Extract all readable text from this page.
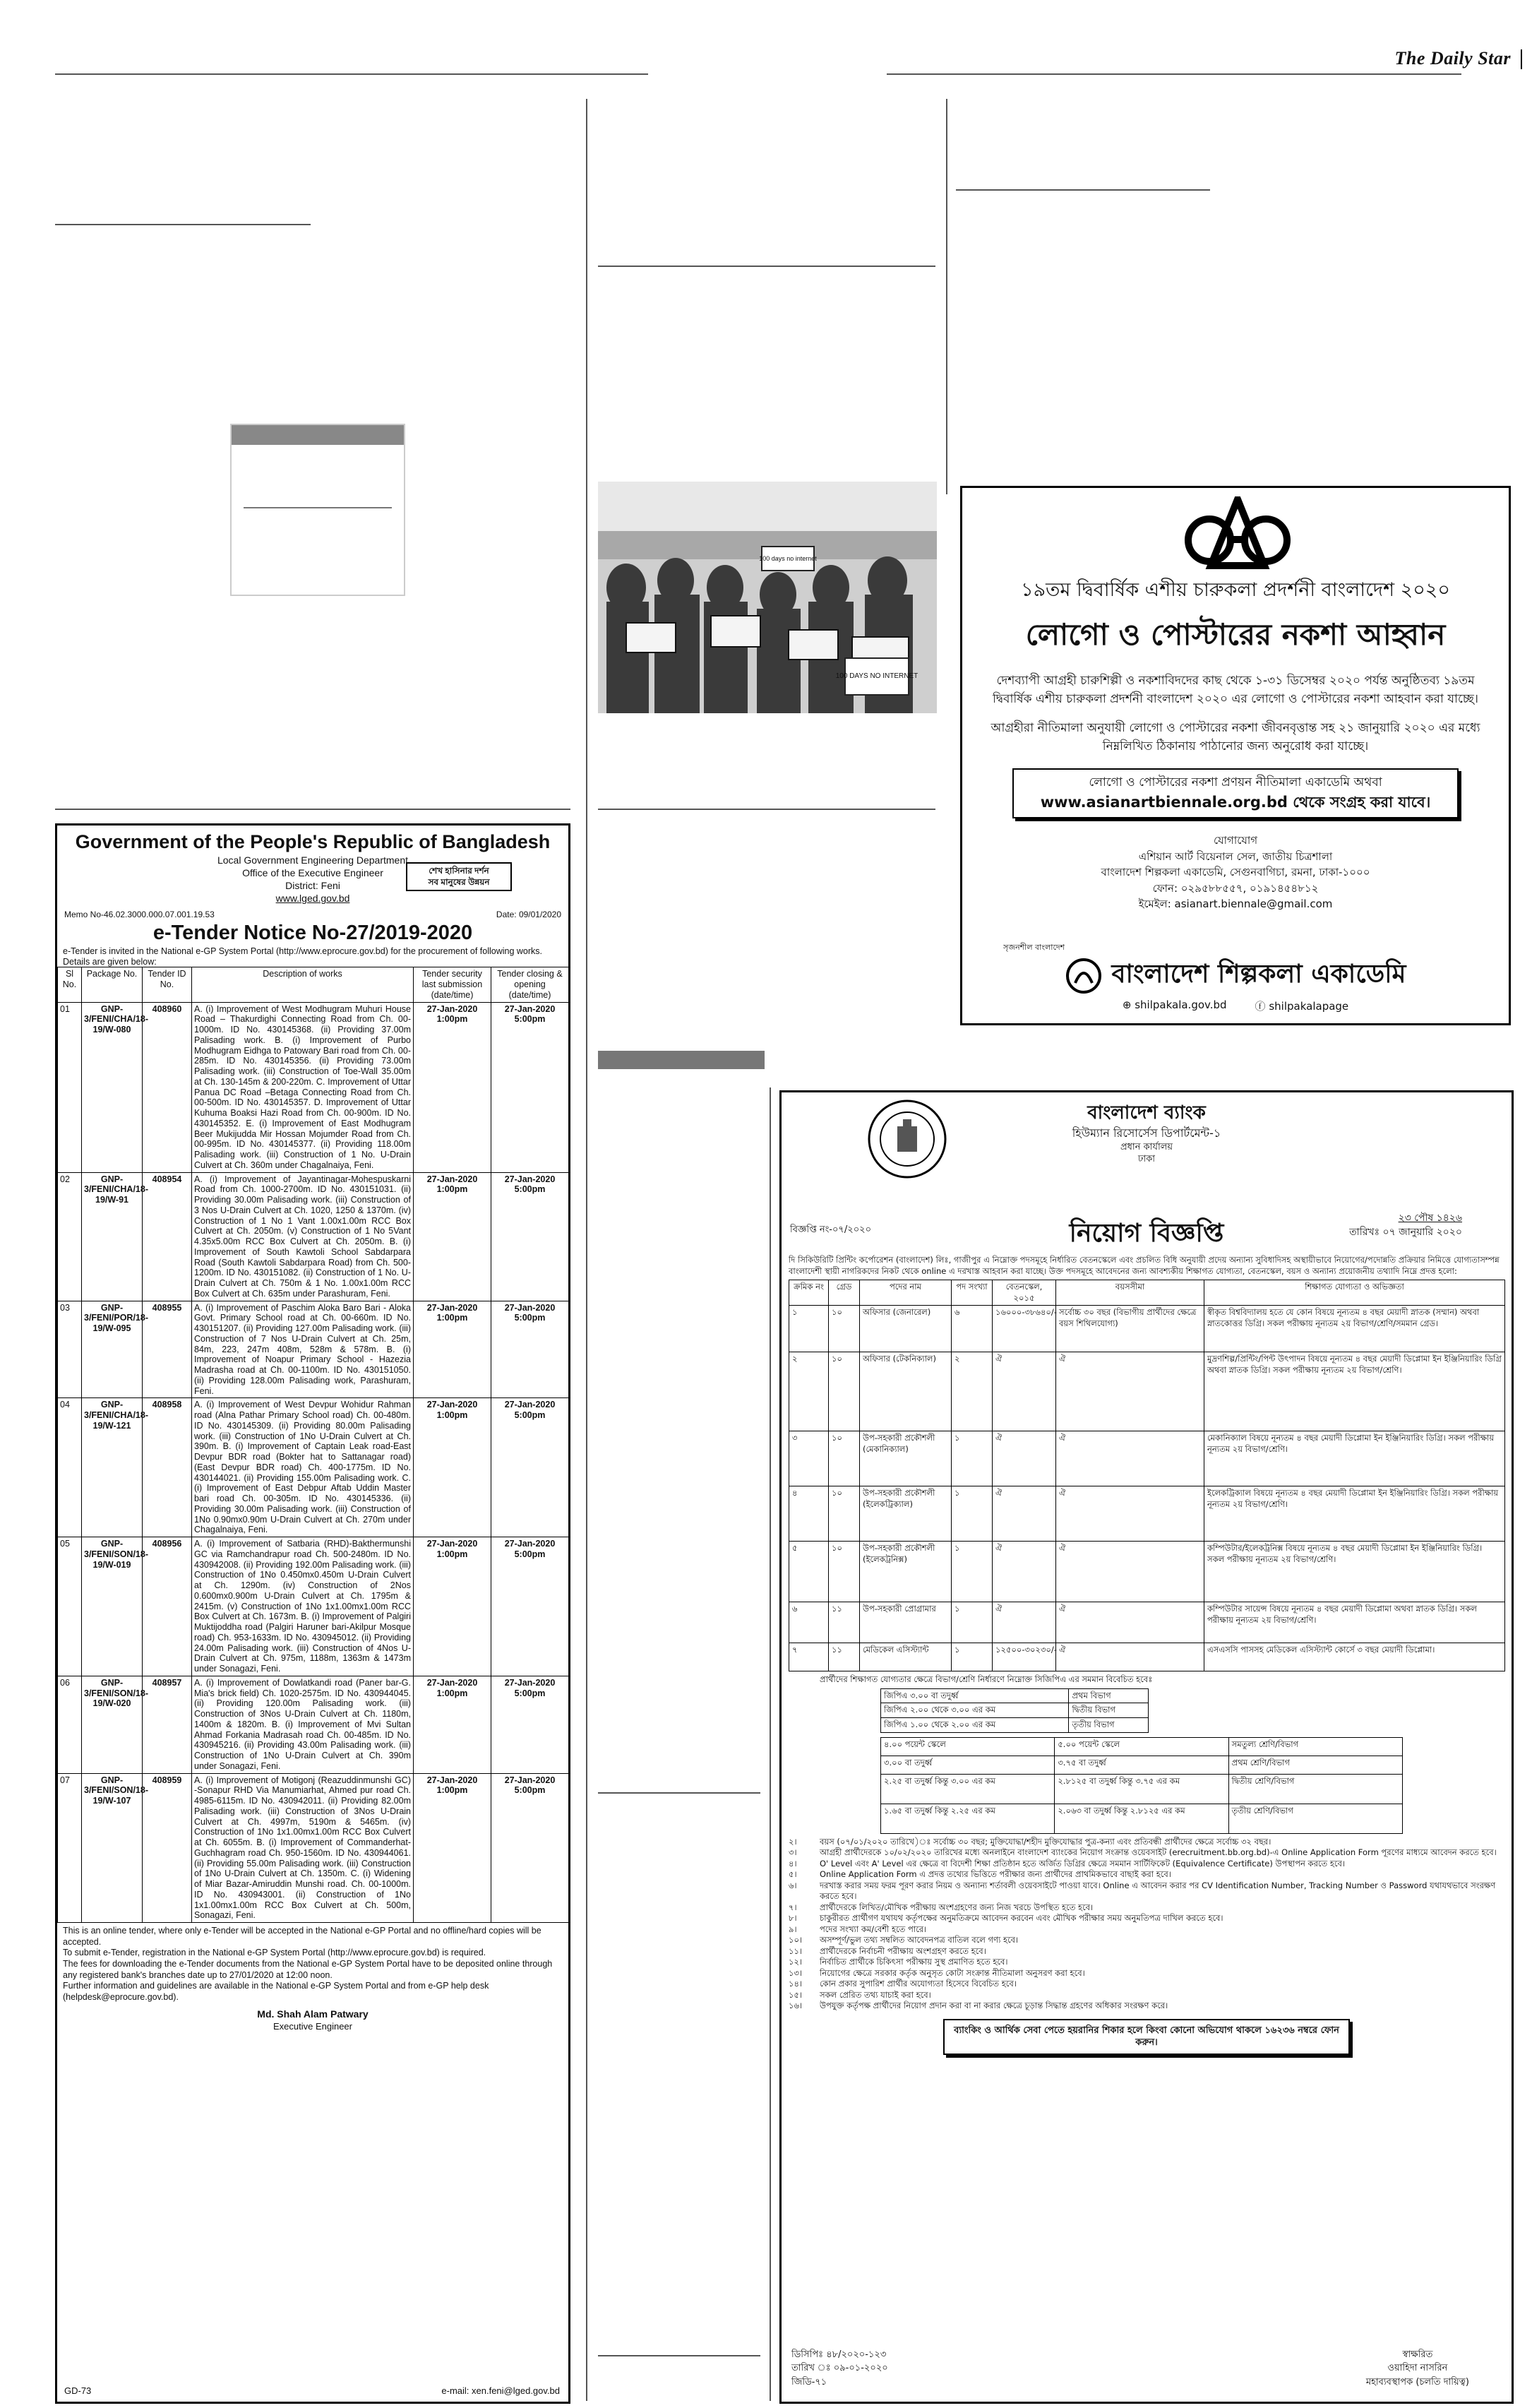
The Daily Star
100 days no internet
100 DAYS NO INTERNET
১৯তম দ্বিবার্ষিক এশীয় চারুকলা প্রদর্শনী বাংলাদেশ ২০২০
লোগো ও পোস্টারের নকশা আহ্বান
দেশব্যাপী আগ্রহী চারুশিল্পী ও নকশাবিদদের কাছ থেকে ১-৩১ ডিসেম্বর ২০২০ পর্যন্ত অনুষ্ঠিতব্য ১৯তম দ্বিবার্ষিক এশীয় চারুকলা প্রদর্শনী বাংলাদেশ ২০২০ এর লোগো ও পোস্টারের নকশা আহবান করা যাচ্ছে।
আগ্রহীরা নীতিমালা অনুযায়ী লোগো ও পোস্টারের নকশা জীবনবৃত্তান্ত সহ ২১ জানুয়ারি ২০২০ এর মধ্যে নিম্নলিখিত ঠিকানায় পাঠানোর জন্য অনুরোধ করা যাচ্ছে।
লোগো ও পোস্টারের নকশা প্রণয়ন নীতিমালা একাডেমি অথবা
www.asianartbiennale.org.bd থেকে সংগ্রহ করা যাবে।
যোগাযোগ
এশিয়ান আর্ট বিয়েনাল সেল, জাতীয় চিত্রশালা
বাংলাদেশ শিল্পকলা একাডেমি, সেগুনবাগিচা, রমনা, ঢাকা-১০০০
ফোন: ০২৯৫৮৮৫৫৭, ০১৯১৪৫৪৮১২
ইমেইল: asianart.biennale@gmail.com
সৃজনশীল বাংলাদেশ
বাংলাদেশ শিল্পকলা একাডেমি
⊕ shilpakala.gov.bd	ⓕ shilpakalapage
Government of the People's Republic of Bangladesh
Local Government Engineering Department
Office of the Executive Engineer
District: Feni
www.lged.gov.bd
শেখ হাসিনার দর্শন
সব মানুষের উন্নয়ন
Memo No-46.02.3000.000.07.001.19.53	Date: 09/01/2020
e-Tender Notice No-27/2019-2020
e-Tender is invited in the National e-GP System Portal (http://www.eprocure.gov.bd) for the procurement of following works. Details are given below:
Sl No.	Package No.	Tender ID No.	Description of works	Tender security last submission (date/time)	Tender closing & opening (date/time)
01	GNP-3/FENI/CHA/18-19/W-080	408960	A. (i) Improvement of West Modhugram Muhuri House Road – Thakurdighi Connecting Road from Ch. 00-1000m. ID No. 430145368. (ii) Providing 37.00m Palisading work. B. (i) Improvement of Purbo Modhugram Eidhga to Patowary Bari road from Ch. 00-285m. ID No. 430145356. (ii) Providing 73.00m Palisading work. (iii) Construction of Toe-Wall 35.00m at Ch. 130-145m & 200-220m. C. Improvement of Uttar Panua DC Road –Betaga Connecting Road from Ch. 00-500m. ID No. 430145357. D. Improvement of Uttar Kuhuma Boaksi Hazi Road from Ch. 00-900m. ID No. 430145352. E. (i) Improvement of East Modhugram Beer Mukijudda Mir Hossan Mojumder Road from Ch. 00-995m. ID No. 430145377. (ii) Providing 118.00m Palisading work. (iii) Construction of 1 No. U-Drain Culvert at Ch. 360m under Chagalnaiya, Feni.	27-Jan-2020 1:00pm	27-Jan-2020 5:00pm
02	GNP-3/FENI/CHA/18-19/W-91	408954	A. (i) Improvement of Jayantinagar-Mohespuskarni Road from Ch. 1000-2700m. ID No. 430151031. (ii) Providing 30.00m Palisading work. (iii) Construction of 3 Nos U-Drain Culvert at Ch. 1020, 1250 & 1370m. (iv) Construction of 1 No 1 Vant 1.00x1.00m RCC Box Culvert at Ch. 2050m. (v) Construction of 1 No 5Vant 4.35x5.00m RCC Box Culvert at Ch. 2050m. B. (i) Improvement of South Kawtoli School Sabdarpara Road (South Kawtoli Sabdarpara Road) from Ch. 500-1200m. ID No. 430151082. (ii) Construction of 1 No. U-Drain Culvert at Ch. 750m & 1 No. 1.00x1.00m RCC Box Culvert at Ch. 635m under Parashuram, Feni.	27-Jan-2020 1:00pm	27-Jan-2020 5:00pm
03	GNP-3/FENI/POR/18-19/W-095	408955	A. (i) Improvement of Paschim Aloka Baro Bari - Aloka Govt. Primary School road at Ch. 00-660m. ID No. 430151207. (ii) Providing 127.00m Palisading work. (iii) Construction of 7 Nos U-Drain Culvert at Ch. 25m, 84m, 223, 247m 408m, 528m & 578m. B. (i) Improvement of Noapur Primary School - Hazezia Madrasha road at Ch. 00-1100m. ID No. 430151050. (ii) Providing 128.00m Palisading work, Parashuram, Feni.	27-Jan-2020 1:00pm	27-Jan-2020 5:00pm
04	GNP-3/FENI/CHA/18-19/W-121	408958	A. (i) Improvement of West Devpur Wohidur Rahman road (Alna Pathar Primary School road) Ch. 00-480m. ID No. 430145309. (ii) Providing 80.00m Palisading work. (iii) Construction of 1No U-Drain Culvert at Ch. 390m. B. (i) Improvement of Captain Leak road-East Devpur BDR road (Bokter hat to Sattanagar road) (East Devpur BDR road) Ch. 400-1775m. ID No. 430144021. (ii) Providing 155.00m Palisading work. C. (i) Improvement of East Debpur Aftab Uddin Master bari road Ch. 00-305m. ID No. 430145336. (ii) Providing 30.00m Palisading work. (iii) Construction of 1No 0.90mx0.90m U-Drain Culvert at Ch. 270m under Chagalnaiya, Feni.	27-Jan-2020 1:00pm	27-Jan-2020 5:00pm
05	GNP-3/FENI/SON/18-19/W-019	408956	A. (i) Improvement of Satbaria (RHD)-Bakthermunshi GC via Ramchandrapur road Ch. 500-2480m. ID No. 430942008. (ii) Providing 192.00m Palisading work. (iii) Construction of 1No 0.450mx0.450m U-Drain Culvert at Ch. 1290m. (iv) Construction of 2Nos 0.600mx0.900m U-Drain Culvert at Ch. 1795m & 2415m. (v) Construction of 1No 1x1.00mx1.00m RCC Box Culvert at Ch. 1673m. B. (i) Improvement of Palgiri Muktijoddha road (Palgiri Haruner bari-Akilpur Mosque road) Ch. 953-1633m. ID No. 430945012. (ii) Providing 24.00m Palisading work. (iii) Construction of 4Nos U-Drain Culvert at Ch. 975m, 1188m, 1363m & 1473m under Sonagazi, Feni.	27-Jan-2020 1:00pm	27-Jan-2020 5:00pm
06	GNP-3/FENI/SON/18-19/W-020	408957	A. (i) Improvement of Dowlatkandi road (Paner bar-G. Mia's brick field) Ch. 1020-2575m. ID No. 430944045. (ii) Providing 120.00m Palisading work. (iii) Construction of 3Nos U-Drain Culvert at Ch. 1180m, 1400m & 1820m. B. (i) Improvement of Mvi Sultan Ahmad Forkania Madrasah road Ch. 00-485m. ID No. 430945216. (ii) Providing 43.00m Palisading work. (iii) Construction of 1No U-Drain Culvert at Ch. 390m under Sonagazi, Feni.	27-Jan-2020 1:00pm	27-Jan-2020 5:00pm
07	GNP-3/FENI/SON/18-19/W-107	408959	A. (i) Improvement of Motigonj (Reazuddinmunshi GC) -Sonapur RHD Via Manumiarhat, Ahmed pur road Ch. 4985-6115m. ID No. 430942011. (ii) Providing 82.00m Palisading work. (iii) Construction of 3Nos U-Drain Culvert at Ch. 4997m, 5190m & 5465m. (iv) Construction of 1No 1x1.00mx1.00m RCC Box Culvert at Ch. 6055m. B. (i) Improvement of Commanderhat-Guchhagram road Ch. 950-1560m. ID No. 430944061. (ii) Providing 55.00m Palisading work. (iii) Construction of 1No U-Drain Culvert at Ch. 1350m. C. (i) Widening of Miar Bazar-Amiruddin Munshi road. Ch. 00-1000m. ID No. 430943001. (ii) Construction of 1No 1x1.00mx1.00m RCC Box Culvert at Ch. 500m, Sonagazi, Feni.	27-Jan-2020 1:00pm	27-Jan-2020 5:00pm
This is an online tender, where only e-Tender will be accepted in the National e-GP Portal and no offline/hard copies will be accepted.
To submit e-Tender, registration in the National e-GP System Portal (http://www.eprocure.gov.bd) is required.
The fees for downloading the e-Tender documents from the National e-GP System Portal have to be deposited online through any registered bank's branches date up to 27/01/2020 at 12:00 noon.
Further information and guidelines are available in the National e-GP System Portal and from e-GP help desk (helpdesk@eprocure.gov.bd).
Md. Shah Alam Patwary
Executive Engineer
GD-73	e-mail: xen.feni@lged.gov.bd
বাংলাদেশ ব্যাংক
হিউম্যান রিসোর্সেস ডিপার্টমেন্ট-১
প্রধান কার্যালয়
ঢাকা
বিজ্ঞপ্তি নং-০৭/২০২০
২৩ পৌষ ১৪২৬
তারিখঃ ০৭ জানুয়ারি ২০২০
নিয়োগ বিজ্ঞপ্তি
দি সিকিউরিটি প্রিন্টিং কর্পোরেশন (বাংলাদেশ) লিঃ, গাজীপুর এ নিম্নোক্ত পদসমূহে নির্ধারিত বেতনস্কেলে এবং প্রচলিত বিধি অনুযায়ী প্রদেয় অন্যান্য সুবিধাদিসহ অস্থায়ীভাবে নিয়োগের/পদোন্নতি প্রক্রিয়ার নিমিত্তে যোগ্যতাসম্পন্ন বাংলাদেশী স্থায়ী নাগরিকদের নিকট থেকে online এ দরখাস্ত আহবান করা যাচ্ছে। উক্ত পদসমূহে আবেদনের জন্য আবশ্যকীয় শিক্ষাগত যোগ্যতা, বেতনস্কেল, বয়স ও অন্যান্য প্রয়োজনীয় তথ্যাদি নিম্নে প্রদত্ত হলো:
ক্রমিক নং	গ্রেড	পদের নাম	পদ সংখ্যা	বেতনস্কেল, ২০১৫	বয়সসীমা	শিক্ষাগত যোগ্যতা ও অভিজ্ঞতা
১	১০	অফিসার (জেনারেল)	৬	১৬০০০-৩৮৬৪০/-	সর্বোচ্চ ৩০ বছর (বিভাগীয় প্রার্থীদের ক্ষেত্রে বয়স শিথিলযোগ্য)	স্বীকৃত বিশ্ববিদ্যালয় হতে যে কোন বিষয়ে নূন্যতম ৪ বছর মেয়াদী স্নাতক (সম্মান) অথবা স্নাতকোত্তর ডিগ্রি। সকল পরীক্ষায় নূন্যতম ২য় বিভাগ/শ্রেণি/সমমান গ্রেড।
২	১০	অফিসার (টেকনিক্যাল)	২	ঐ	ঐ	মুদ্রণশিল্প/প্রিন্টিং/পিন্ট উৎপাদন বিষয়ে নূন্যতম ৪ বছর মেয়াদী ডিপ্লোমা ইন ইঞ্জিনিয়ারিং ডিগ্রি অথবা স্নাতক ডিগ্রি। সকল পরীক্ষায় নূন্যতম ২য় বিভাগ/শ্রেণি।
৩	১০	উপ-সহকারী প্রকৌশলী (মেকানিক্যাল)	১	ঐ	ঐ	মেকানিক্যাল বিষয়ে নূন্যতম ৪ বছর মেয়াদী ডিপ্লোমা ইন ইঞ্জিনিয়ারিং ডিগ্রি। সকল পরীক্ষায় নূন্যতম ২য় বিভাগ/শ্রেণি।
৪	১০	উপ-সহকারী প্রকৌশলী (ইলেকট্রিক্যাল)	১	ঐ	ঐ	ইলেকট্রিক্যাল বিষয়ে নূন্যতম ৪ বছর মেয়াদী ডিপ্লোমা ইন ইঞ্জিনিয়ারিং ডিগ্রি। সকল পরীক্ষায় নূন্যতম ২য় বিভাগ/শ্রেণি।
৫	১০	উপ-সহকারী প্রকৌশলী (ইলেকট্রনিক্স)	১	ঐ	ঐ	কম্পিউটার/ইলেকট্রনিক্স বিষয়ে নূন্যতম ৪ বছর মেয়াদী ডিপ্লোমা ইন ইঞ্জিনিয়ারিং ডিগ্রি। সকল পরীক্ষায় নূন্যতম ২য় বিভাগ/শ্রেণি।
৬	১১	উপ-সহকারী প্রোগ্রামার	১	ঐ	ঐ	কম্পিউটার সায়েন্স বিষয়ে নূন্যতম ৪ বছর মেয়াদী ডিপ্লোমা অথবা স্নাতক ডিগ্রি। সকল পরীক্ষায় নূন্যতম ২য় বিভাগ/শ্রেণি।
৭	১১	মেডিকেল এসিস্ট্যান্ট	১	১২৫০০-৩০২৩০/-	ঐ	এসএসসি পাসসহ মেডিকেল এসিস্ট্যান্ট কোর্সে ৩ বছর মেয়াদী ডিপ্লোমা।
প্রার্থীদের শিক্ষাগত যোগ্যতার ক্ষেত্রে বিভাগ/শ্রেণি নির্ধারণে নিম্নোক্ত সিজিপিএ এর সমমান বিবেচিত হবেঃ
জিপিএ ৩.০০ বা তদুর্ধ্ব	প্রথম বিভাগ
জিপিএ ২.০০ থেকে ৩.০০ এর কম	দ্বিতীয় বিভাগ
জিপিএ ১.০০ থেকে ২.০০ এর কম	তৃতীয় বিভাগ
৪.০০ পয়েন্ট স্কেলে	৫.০০ পয়েন্ট স্কেলে	সমতুল্য শ্রেণি/বিভাগ
৩.০০ বা তদুর্ধ্ব	৩.৭৫ বা তদুর্ধ্ব	প্রথম শ্রেণি/বিভাগ
২.২৫ বা তদুর্ধ্ব কিন্তু ৩.০০ এর কম	২.৮১২৫ বা তদুর্ধ্ব কিন্তু ৩.৭৫ এর কম	দ্বিতীয় শ্রেণি/বিভাগ
১.৬৫ বা তদুর্ধ্ব কিন্তু ২.২৫ এর কম	২.০৬৩ বা তদুর্ধ্ব কিন্তু ২.৮১২৫ এর কম	তৃতীয় শ্রেণি/বিভাগ
২।	বয়স (০৭/০১/২০২০ তারিখে)ঃ সর্বোচ্চ ৩০ বছর; মুক্তিযোদ্ধা/শহীদ মুক্তিযোদ্ধার পুত্র-কন্যা এবং প্রতিবন্ধী প্রার্থীদের ক্ষেত্রে সর্বোচ্চ ৩২ বছর।
৩।	আগ্রহী প্রার্থীদেরকে ১০/০২/২০২০ তারিখের মধ্যে অনলাইনে বাংলাদেশ ব্যাংকের নিয়োগ সংক্রান্ত ওয়েবসাইট (erecruitment.bb.org.bd)-এ Online Application Form পূরণের মাধ্যমে আবেদন করতে হবে।
৪।	O' Level এবং A' Level এর ক্ষেত্রে বা বিদেশী শিক্ষা প্রতিষ্ঠান হতে অর্জিত ডিগ্রির ক্ষেত্রে সমমান সার্টিফিকেট (Equivalence Certificate) উপস্থাপন করতে হবে।
৫।	Online Application Form এ প্রদত্ত তথ্যের ভিত্তিতে পরীক্ষার জন্য প্রার্থীদের প্রাথমিকভাবে বাছাই করা হবে।
৬।	দরখাস্ত করার সময় ফরম পূরণ করার নিয়ম ও অন্যান্য শর্তাবলী ওয়েবসাইটে পাওয়া যাবে। Online এ আবেদন করার পর CV Identification Number, Tracking Number ও Password যথাযথভাবে সংরক্ষণ করতে হবে।
৭।	প্রার্থীদেরকে লিখিত/মৌখিক পরীক্ষায় অংশগ্রহণের জন্য নিজ খরচে উপস্থিত হতে হবে।
৮।	চাকুরীরত প্রার্থীগণ যথাযথ কর্তৃপক্ষের অনুমতিক্রমে আবেদন করবেন এবং মৌখিক পরীক্ষার সময় অনুমতিপত্র দাখিল করতে হবে।
৯।	পদের সংখ্যা কম/বেশী হতে পারে।
১০।	অসম্পূর্ণ/ভুল তথ্য সম্বলিত আবেদনপত্র বাতিল বলে গণ্য হবে।
১১।	প্রার্থীদেরকে নির্বাচনী পরীক্ষায় অংশগ্রহণ করতে হবে।
১২।	নির্বাচিত প্রার্থীকে চিকিৎসা পরীক্ষায় সুস্থ প্রমাণিত হতে হবে।
১৩।	নিয়োগের ক্ষেত্রে সরকার কর্তৃক অনুসৃত কোটা সংক্রান্ত নীতিমালা অনুসরণ করা হবে।
১৪।	কোন প্রকার সুপারিশ প্রার্থীর অযোগ্যতা হিসেবে বিবেচিত হবে।
১৫।	সকল প্রেরিত তথ্য যাচাই করা হবে।
১৬।	উপযুক্ত কর্তৃপক্ষ প্রার্থীদের নিয়োগ প্রদান করা বা না করার ক্ষেত্রে চূড়ান্ত সিদ্ধান্ত গ্রহণের অধিকার সংরক্ষণ করে।
ব্যাংকিং ও আর্থিক সেবা পেতে হয়রানির শিকার হলে কিংবা কোনো অভিযোগ থাকলে ১৬২৩৬ নম্বরে ফোন করুন।
ডিসিপিঃ ৪৮/২০২০-১২৩
তারিখ ঃ ০৯-০১-২০২০
জিডি-৭১
স্বাক্ষরিত
ওয়াহিদা নাসরিন
মহাব্যবস্থাপক (চলতি দায়িত্ব)
